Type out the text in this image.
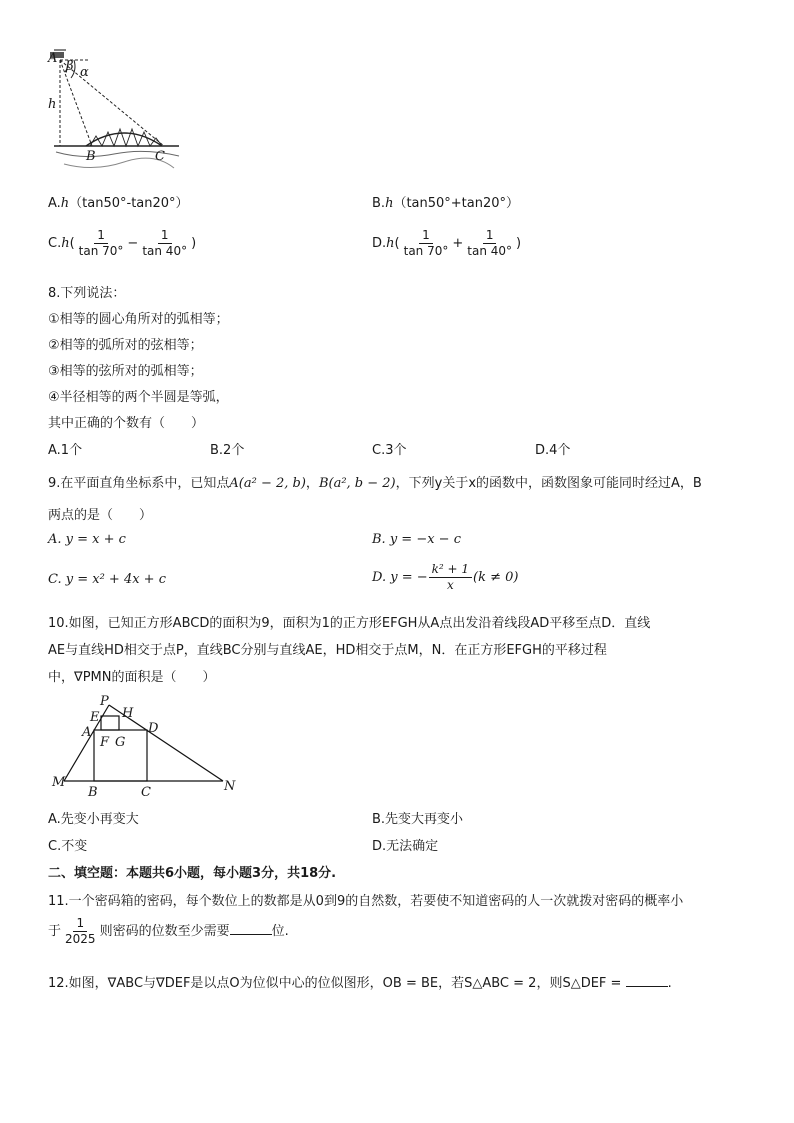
A
β α
h
B	C
A.h（tan50°-tan20°）	B.h（tan50°+tan20°）
$C.h( \frac{1}{\tan 70^\circ} - \frac{1}{\tan 40^\circ}$ )	$D.h( \frac{1}{\tan 70^\circ} + \frac{1}{\tan 40^\circ}$ )
8.下列说法：
①相等的圆心角所对的弧相等；
②相等的弧所对的弦相等；
③相等的弦所对的弧相等；
④半径相等的两个半圆是等弧，
其中正确的个数有（　　）
A.1个	B.2个	C.3个	D.4个
9.在平面直角坐标系中，已知点A(a² − 2, b)，B(a², b − 2)，下列y关于x的函数中，函数图象可能同时经过A，B
两点的是（　　）
A. y = x + c	B. y = −x − c
C. y = x² + 4x + c	D. y = − $\frac{\text{k² + 1}}{x} (k \ne 0)$
10.如图，已知正方形ABCD的面积为9，面积为1的正方形EFGH从A点出发沿着线段AD平移至点D．直线
AE与直线HD相交于点P，直线BC分别与直线AE，HD相交于点M，N．在正方形EFGH的平移过程
中，∇PMN的面积是（　　）
P
E H
A	D
F G
M
B	C	N
A.先变小再变大	B.先变大再变小
C.不变	D.无法确定
二、填空题：本题共6小题，每小题3分，共18分.
11.一个密码箱的密码，每个数位上的数都是从0到9的自然数，若要使不知道密码的人一次就拨对密码的概率小
于 $\frac{1}{2025}$ 则密码的位数至少需要	位.
12.如图，∇ABC与∇DEF是以点O为位似中心的位似图形，OB = BE，若S△ABC = 2，则S△DEF =	.
